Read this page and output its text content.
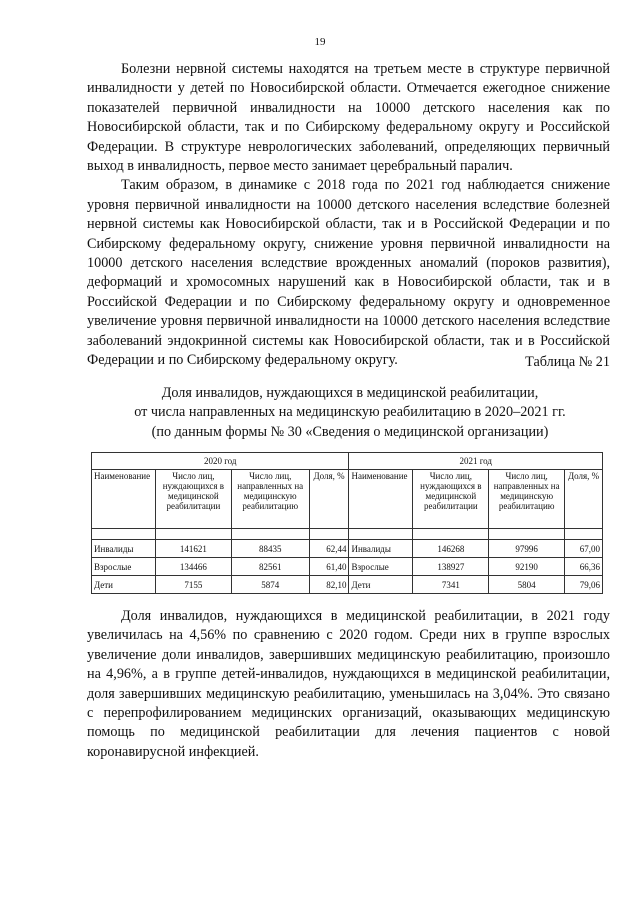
19

Болезни нервной системы находятся на третьем месте в структуре первичной инвалидности у детей по Новосибирской области. Отмечается ежегодное снижение показателей первичной инвалидности на 10000 детского населения как по Новосибирской области, так и по Сибирскому федеральному округу и Российской Федерации. В структуре неврологических заболеваний, определяющих первичный выход в инвалидность, первое место занимает церебральный паралич.

Таким образом, в динамике с 2018 года по 2021 год наблюдается снижение уровня первичной инвалидности на 10000 детского населения вследствие болезней нервной системы как Новосибирской области, так и в Российской Федерации и по Сибирскому федеральному округу, снижение уровня первичной инвалидности на 10000 детского населения вследствие врожденных аномалий (пороков развития), деформаций и хромосомных нарушений как в Новосибирской области, так и в Российской Федерации и по Сибирскому федеральному округу и одновременное увеличение уровня первичной инвалидности на 10000 детского населения вследствие заболеваний эндокринной системы как Новосибирской области, так и в Российской Федерации и по Сибирскому федеральному округу.	Таблица № 21
Доля инвалидов, нуждающихся в медицинской реабилитации,
от числа направленных на медицинскую реабилитацию в 2020–2021 гг.
(по данным формы № 30 «Сведения о медицинской организации)
2020 год				2021 год			
Наименование	Число лиц, нуждающихся в медицинской реабилитации	Число лиц, направленных на медицинскую реабилитацию	Доля, %	Наименование	Число лиц, нуждающихся в медицинской реабилитации	Число лиц, направленных на медицинскую реабилитацию	Доля, %

Инвалиды	141621	88435	62,44	Инвалиды	146268	97996	67,00
Взрослые	134466	82561	61,40	Взрослые	138927	92190	66,36
Дети	7155	5874	82,10	Дети	7341	5804	79,06

Доля инвалидов, нуждающихся в медицинской реабилитации, в 2021 году увеличилась на 4,56% по сравнению с 2020 годом. Среди них в группе взрослых увеличение доли инвалидов, завершивших медицинскую реабилитацию, произошло на 4,96%, а в группе детей-инвалидов, нуждающихся в медицинской реабилитации, доля завершивших медицинскую реабилитацию, уменьшилась на 3,04%. Это связано с перепрофилированием медицинских организаций, оказывающих медицинскую помощь по медицинской реабилитации для лечения пациентов с новой коронавирусной инфекцией.
